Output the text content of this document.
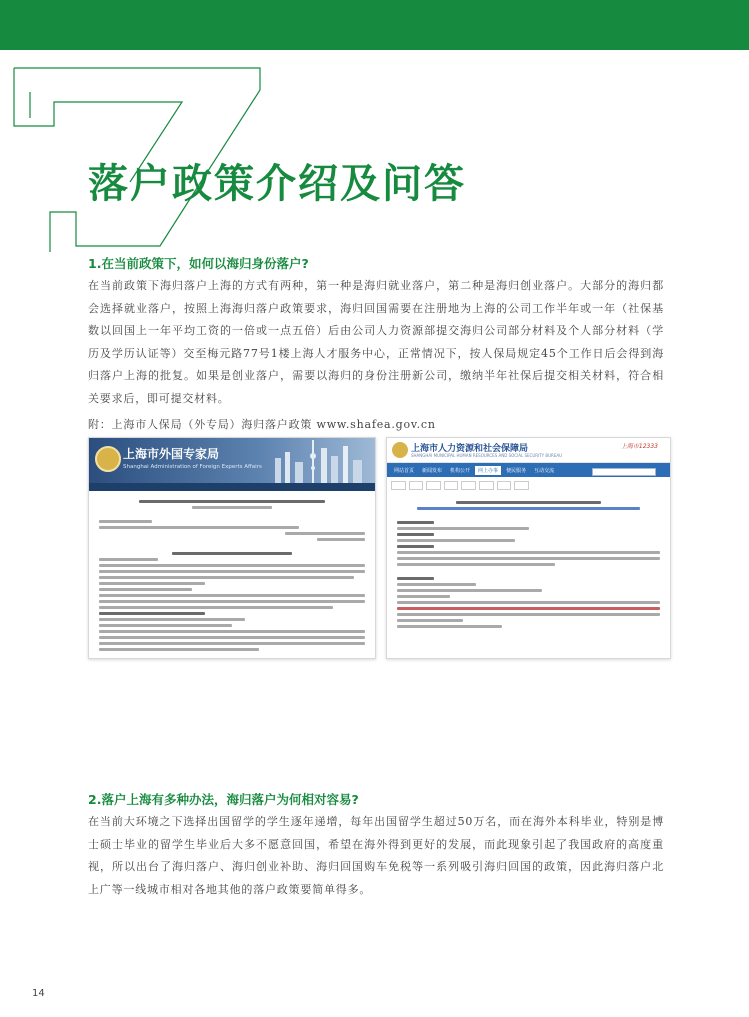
落户政策介绍及问答

1.在当前政策下，如何以海归身份落户?

在当前政策下海归落户上海的方式有两种，第一种是海归就业落户，第二种是海归创业落户。大部分的海归都会选择就业落户，按照上海海归落户政策要求，海归回国需要在注册地为上海的公司工作半年或一年（社保基数以回国上一年平均工资的一倍或一点五倍）后由公司人力资源部提交海归公司部分材料及个人部分材料（学历及学历认证等）交至梅元路77号1楼上海人才服务中心，正常情况下，按人保局规定45个工作日后会得到海归落户上海的批复。如果是创业落户，需要以海归的身份注册新公司，缴纳半年社保后提交相关材料，符合相关要求后，即可提交材料。

附：上海市人保局（外专局）海归落户政策 www.shafea.gov.cn

上海市外国专家局
Shanghai Administration of Foreign Experts Affairs
上海市人力资源和社会保障局
SHANGHAI MUNICIPAL HUMAN RESOURCES AND SOCIAL SECURITY BUREAU
上海市12333
网站首页	新闻发布	机构公开	网上办事	便民服务	互动交流

2.落户上海有多种办法，海归落户为何相对容易?

在当前大环境之下选择出国留学的学生逐年递增，每年出国留学生超过50万名，而在海外本科毕业，特别是博士硕士毕业的留学生毕业后大多不愿意回国，希望在海外得到更好的发展，而此现象引起了我国政府的高度重视，所以出台了海归落户、海归创业补助、海归回国购车免税等一系列吸引海归回国的政策，因此海归落户北上广等一线城市相对各地其他的落户政策要简单得多。

14
